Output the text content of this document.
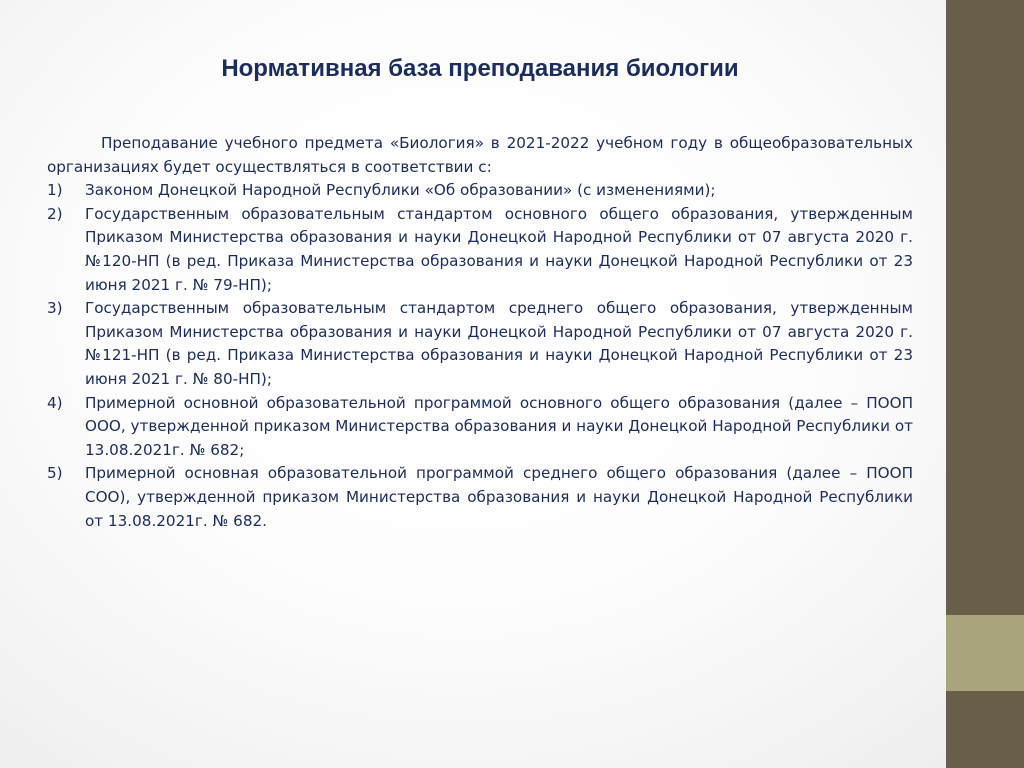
Нормативная база преподавания биологии

Преподавание учебного предмета «Биология» в 2021-2022 учебном году в общеобразовательных организациях будет осуществляться в соответствии с:

1) Законом Донецкой Народной Республики «Об образовании» (с изменениями);
2) Государственным образовательным стандартом основного общего образования, утвержденным Приказом Министерства образования и науки Донецкой Народной Республики от 07 августа 2020 г. №120-НП (в ред. Приказа Министерства образования и науки Донецкой Народной Республики от 23 июня 2021 г. № 79-НП);
3) Государственным образовательным стандартом среднего общего образования, утвержденным Приказом Министерства образования и науки Донецкой Народной Республики от 07 августа 2020 г. №121-НП (в ред. Приказа Министерства образования и науки Донецкой Народной Республики от 23 июня 2021 г. № 80-НП);
4) Примерной основной образовательной программой основного общего образования (далее – ПООП ООО, утвержденной приказом Министерства образования и науки Донецкой Народной Республики от 13.08.2021г. № 682;
5) Примерной основная образовательной программой среднего общего образования (далее – ПООП СОО), утвержденной приказом Министерства образования и науки Донецкой Народной Республики от 13.08.2021г. № 682.
